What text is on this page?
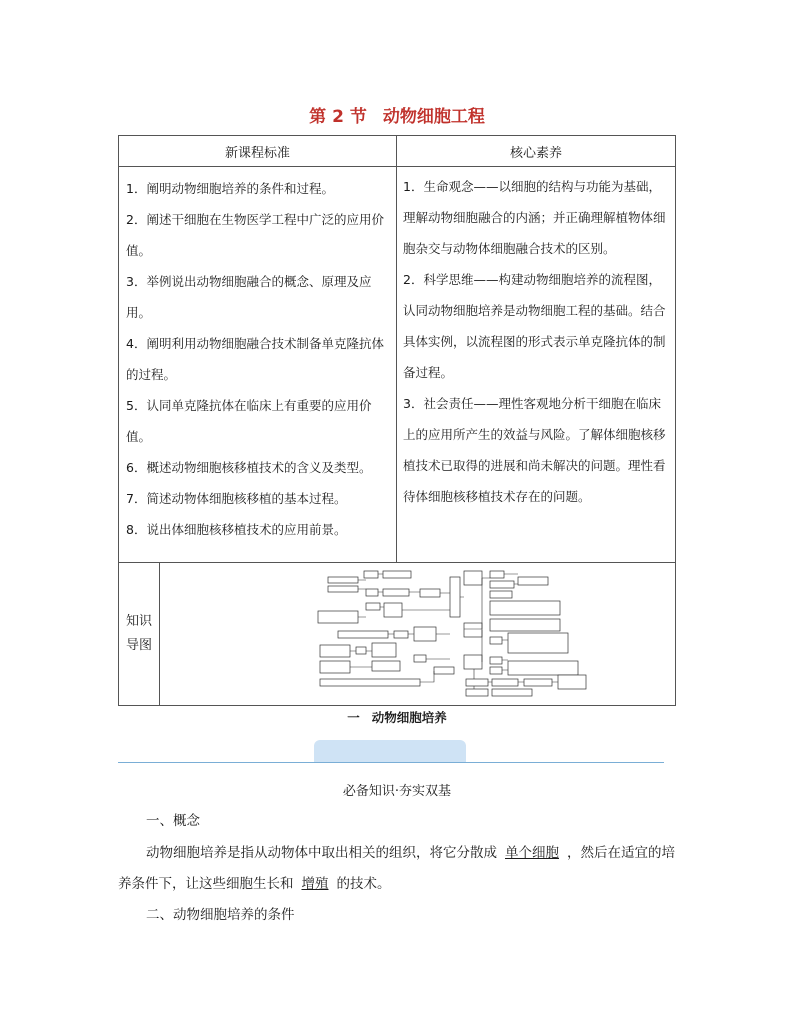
第 2 节 动物细胞工程
新课程标准	核心素养

1．阐明动物细胞培养的条件和过程。
2．阐述干细胞在生物医学工程中广泛的应用价值。
3．举例说出动物细胞融合的概念、原理及应用。
4．阐明利用动物细胞融合技术制备单克隆抗体的过程。
5．认同单克隆抗体在临床上有重要的应用价值。
6．概述动物细胞核移植技术的含义及类型。
7．简述动物体细胞核移植的基本过程。
8．说出体细胞核移植技术的应用前景。

1．生命观念——以细胞的结构与功能为基础，理解动物细胞融合的内涵；并正确理解植物体细胞杂交与动物体细胞融合技术的区别。
2．科学思维——构建动物细胞培养的流程图，认同动物细胞培养是动物细胞工程的基础。结合具体实例，以流程图的形式表示单克隆抗体的制备过程。
3．社会责任——理性客观地分析干细胞在临床上的应用所产生的效益与风险。了解体细胞核移植技术已取得的进展和尚未解决的问题。理性看待体细胞核移植技术存在的问题。

知识导图	
一 动物细胞培养
必备知识·夯实双基
一、概念
动物细胞培养是指从动物体中取出相关的组织，将它分散成 单个细胞 ，然后在适宜的培养条件下，让这些细胞生长和 增殖 的技术。
二、动物细胞培养的条件
